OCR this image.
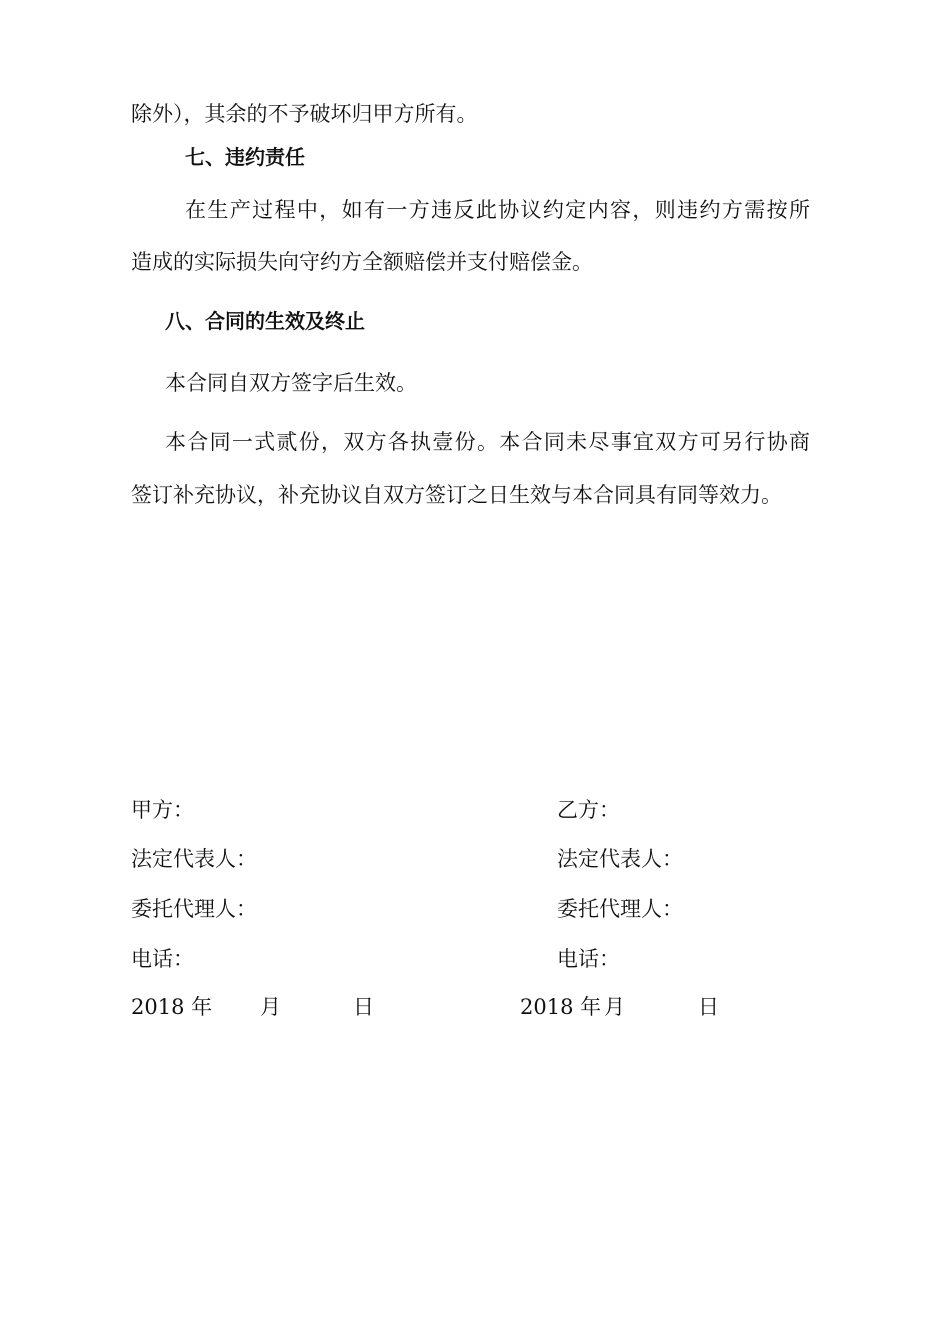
除外），其余的不予破坏归甲方所有。
七、违约责任
在生产过程中，如有一方违反此协议约定内容，则违约方需按所
造成的实际损失向守约方全额赔偿并支付赔偿金。
八、合同的生效及终止
本合同自双方签字后生效。
本合同一式贰份，双方各执壹份。本合同未尽事宜双方可另行协商
签订补充协议，补充协议自双方签订之日生效与本合同具有同等效力。
甲方：
法定代表人：
委托代理人：
电话：
2018 年 月	日
乙方：
法定代表人：
委托代理人：
电话：
2018 年 月	日
